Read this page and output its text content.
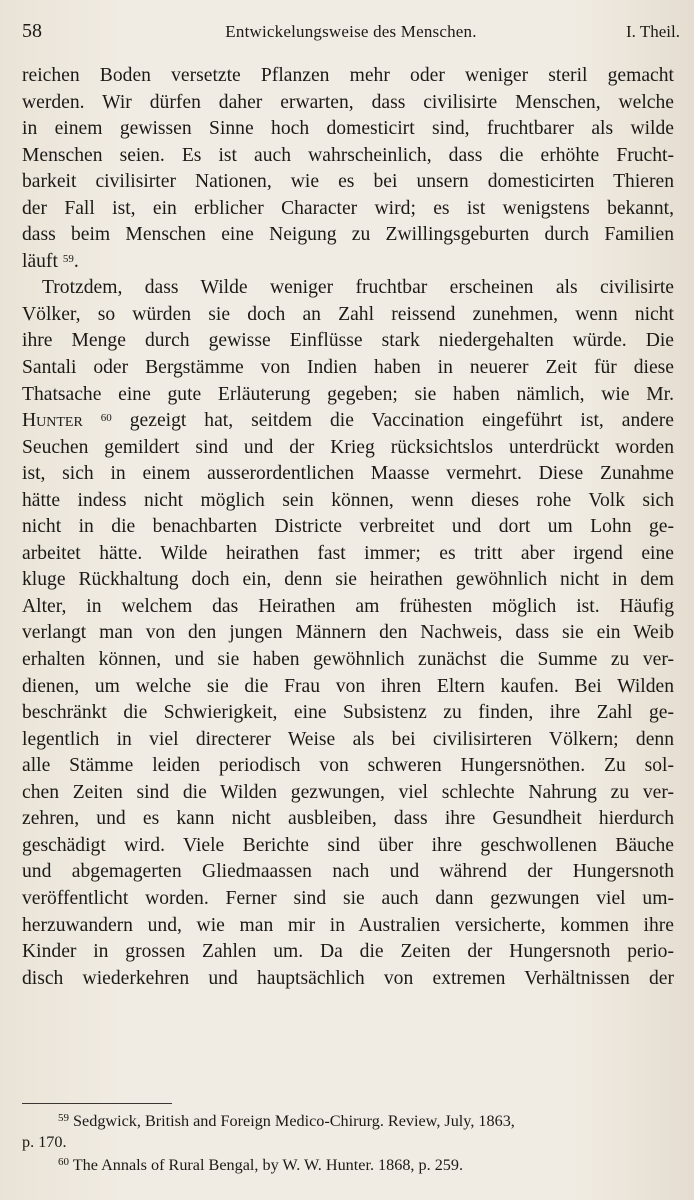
58	Entwickelungsweise des Menschen.	I. Theil.
reichen Boden versetzte Pflanzen mehr oder weniger steril gemacht
werden. Wir dürfen daher erwarten, dass civilisirte Menschen, welche
in einem gewissen Sinne hoch domesticirt sind, fruchtbarer als wilde
Menschen seien. Es ist auch wahrscheinlich, dass die erhöhte Frucht-
barkeit civilisirter Nationen, wie es bei unsern domesticirten Thieren
der Fall ist, ein erblicher Character wird; es ist wenigstens bekannt,
dass beim Menschen eine Neigung zu Zwillingsgeburten durch Familien
läuft $^{59}$.
Trotzdem, dass Wilde weniger fruchtbar erscheinen als civilisirte
Völker, so würden sie doch an Zahl reissend zunehmen, wenn nicht
ihre Menge durch gewisse Einflüsse stark niedergehalten würde. Die
Santali oder Bergstämme von Indien haben in neuerer Zeit für diese
Thatsache eine gute Erläuterung gegeben; sie haben nämlich, wie Mr.
Hunter $^{60}$ gezeigt hat, seitdem die Vaccination eingeführt ist, andere
Seuchen gemildert sind und der Krieg rücksichtslos unterdrückt worden
ist, sich in einem ausserordentlichen Maasse vermehrt. Diese Zunahme
hätte indess nicht möglich sein können, wenn dieses rohe Volk sich
nicht in die benachbarten Districte verbreitet und dort um Lohn ge-
arbeitet hätte. Wilde heirathen fast immer; es tritt aber irgend eine
kluge Rückhaltung doch ein, denn sie heirathen gewöhnlich nicht in dem
Alter, in welchem das Heirathen am frühesten möglich ist. Häufig
verlangt man von den jungen Männern den Nachweis, dass sie ein Weib
erhalten können, und sie haben gewöhnlich zunächst die Summe zu ver-
dienen, um welche sie die Frau von ihren Eltern kaufen. Bei Wilden
beschränkt die Schwierigkeit, eine Subsistenz zu finden, ihre Zahl ge-
legentlich in viel directerer Weise als bei civilisirteren Völkern; denn
alle Stämme leiden periodisch von schweren Hungersnöthen. Zu sol-
chen Zeiten sind die Wilden gezwungen, viel schlechte Nahrung zu ver-
zehren, und es kann nicht ausbleiben, dass ihre Gesundheit hierdurch
geschädigt wird. Viele Berichte sind über ihre geschwollenen Bäuche
und abgemagerten Gliedmaassen nach und während der Hungersnoth
veröffentlicht worden. Ferner sind sie auch dann gezwungen viel um-
herzuwandern und, wie man mir in Australien versicherte, kommen ihre
Kinder in grossen Zahlen um. Da die Zeiten der Hungersnoth perio-
disch wiederkehren und hauptsächlich von extremen Verhältnissen der
$^{59}$ Sedgwick, British and Foreign Medico-Chirurg. Review, July, 1863,
p. 170.
$^{60}$ The Annals of Rural Bengal, by W. W. Hunter. 1868, p. 259.
